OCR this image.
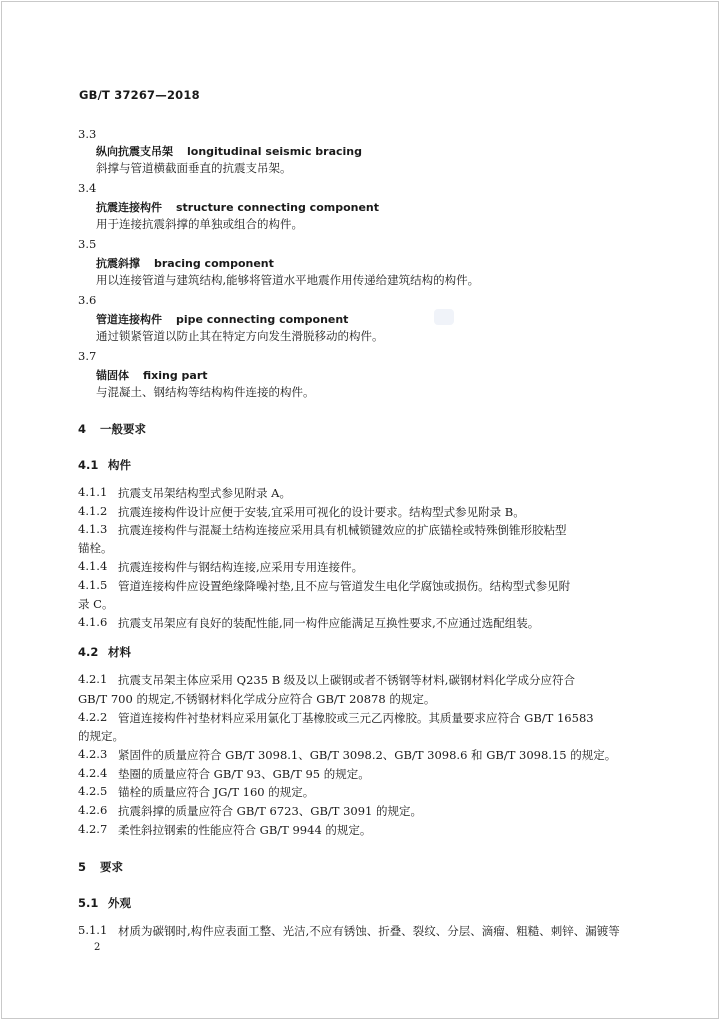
GB/T 37267—2018
3.3
纵向抗震支吊架 longitudinal seismic bracing
斜撑与管道横截面垂直的抗震支吊架。
3.4
抗震连接构件 structure connecting component
用于连接抗震斜撑的单独或组合的构件。
3.5
抗震斜撑 bracing component
用以连接管道与建筑结构,能够将管道水平地震作用传递给建筑结构的构件。
3.6
管道连接构件 pipe connecting component
通过锁紧管道以防止其在特定方向发生滑脱移动的构件。
3.7
锚固体 fixing part
与混凝土、钢结构等结构构件连接的构件。
4 一般要求
4.1 构件
4.1.1 抗震支吊架结构型式参见附录 A。
4.1.2 抗震连接构件设计应便于安装,宜采用可视化的设计要求。结构型式参见附录 B。
4.1.3 抗震连接构件与混凝土结构连接应采用具有机械锁键效应的扩底锚栓或特殊倒锥形胶粘型
锚栓。
4.1.4 抗震连接构件与钢结构连接,应采用专用连接件。
4.1.5 管道连接构件应设置绝缘降噪衬垫,且不应与管道发生电化学腐蚀或损伤。结构型式参见附
录 C。
4.1.6 抗震支吊架应有良好的装配性能,同一构件应能满足互换性要求,不应通过选配组装。
4.2 材料
4.2.1 抗震支吊架主体应采用 Q235 B 级及以上碳钢或者不锈钢等材料,碳钢材料化学成分应符合
GB/T 700 的规定,不锈钢材料化学成分应符合 GB/T 20878 的规定。
4.2.2 管道连接构件衬垫材料应采用氯化丁基橡胶或三元乙丙橡胶。其质量要求应符合 GB/T 16583
的规定。
4.2.3 紧固件的质量应符合 GB/T 3098.1、GB/T 3098.2、GB/T 3098.6 和 GB/T 3098.15 的规定。
4.2.4 垫圈的质量应符合 GB/T 93、GB/T 95 的规定。
4.2.5 锚栓的质量应符合 JG/T 160 的规定。
4.2.6 抗震斜撑的质量应符合 GB/T 6723、GB/T 3091 的规定。
4.2.7 柔性斜拉钢索的性能应符合 GB/T 9944 的规定。
5 要求
5.1 外观
5.1.1 材质为碳钢时,构件应表面工整、光洁,不应有锈蚀、折叠、裂纹、分层、滴瘤、粗糙、刺锌、漏镀等
2
